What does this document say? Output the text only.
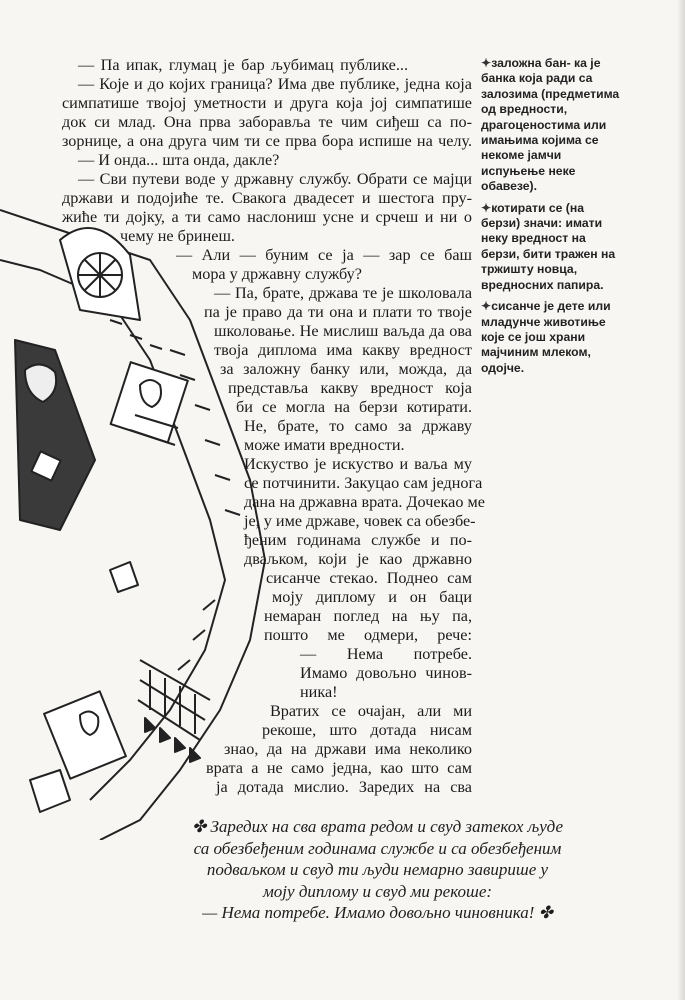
— Па ипак, глумац је бар љубимац публике...
— Које и до којих граница? Има две публике, једна која
симпатише твојој уметности и друга која јој симпатише
док си млад. Она прва заборавља те чим сиђеш са по-
зорнице, а она друга чим ти се прва бора испише на челу.
— И онда... шта онда, дакле?
— Сви путеви воде у државну службу. Обрати се мајци
држави и подојиће те. Свакога двадесет и шестога пру-
жиће ти дојку, а ти само наслониш усне и срчеш и ни о
чему не бринеш.
— Али — буним се ја — зар се баш
мора у државну службу?
— Па, брате, држава те је школовала
па је право да ти она и плати то твоје
школовање. Не мислиш ваљда да ова
твоја диплома има какву вредност
за заложну банку или, можда, да
представља какву вредност која
би се могла на берзи котирати.
Не, брате, то само за државу
може имати вредности.
Искуство је искуство и ваља му
се потчинити. Закуцао сам једнога
дана на државна врата. Дочекао ме
је, у име државе, човек са обезбе-
ђеним годинама службе и по-
дваљком, који је као државно
сисанче стекао. Поднео сам
моју диплому и он баци
немаран поглед на њу па,
пошто ме одмери, рече:
— Нема потребе.
Имамо довољно чинов-
ника!
Вратих се очајан, али ми
рекоше, што дотада нисам
знао, да на држави има неколико
врата а не само једна, као што сам
ја дотада мислио. Заредих на сва
✦заложна бан- ка је банка која ради са залозима (предметима од вредности, драгоценостима или имањима којима се некоме јамчи испуњење неке обавезе).
✦котирати се (на берзи) значи: имати неку вредност на берзи, бити тражен на тржишту новца, вредносних папира.
✦сисанче је дете или младунче животиње које се још храни мајчиним млеком, одојче.
✤ Заредих на сва врата редом и свуд затекох људе
са обезбеђеним годинама службе и са обезбеђеним
подваљком и свуд ти људи немарно завирише у
моју диплому и свуд ми рекоше:
— Нема потребе. Имамо довољно чиновника! ✤
